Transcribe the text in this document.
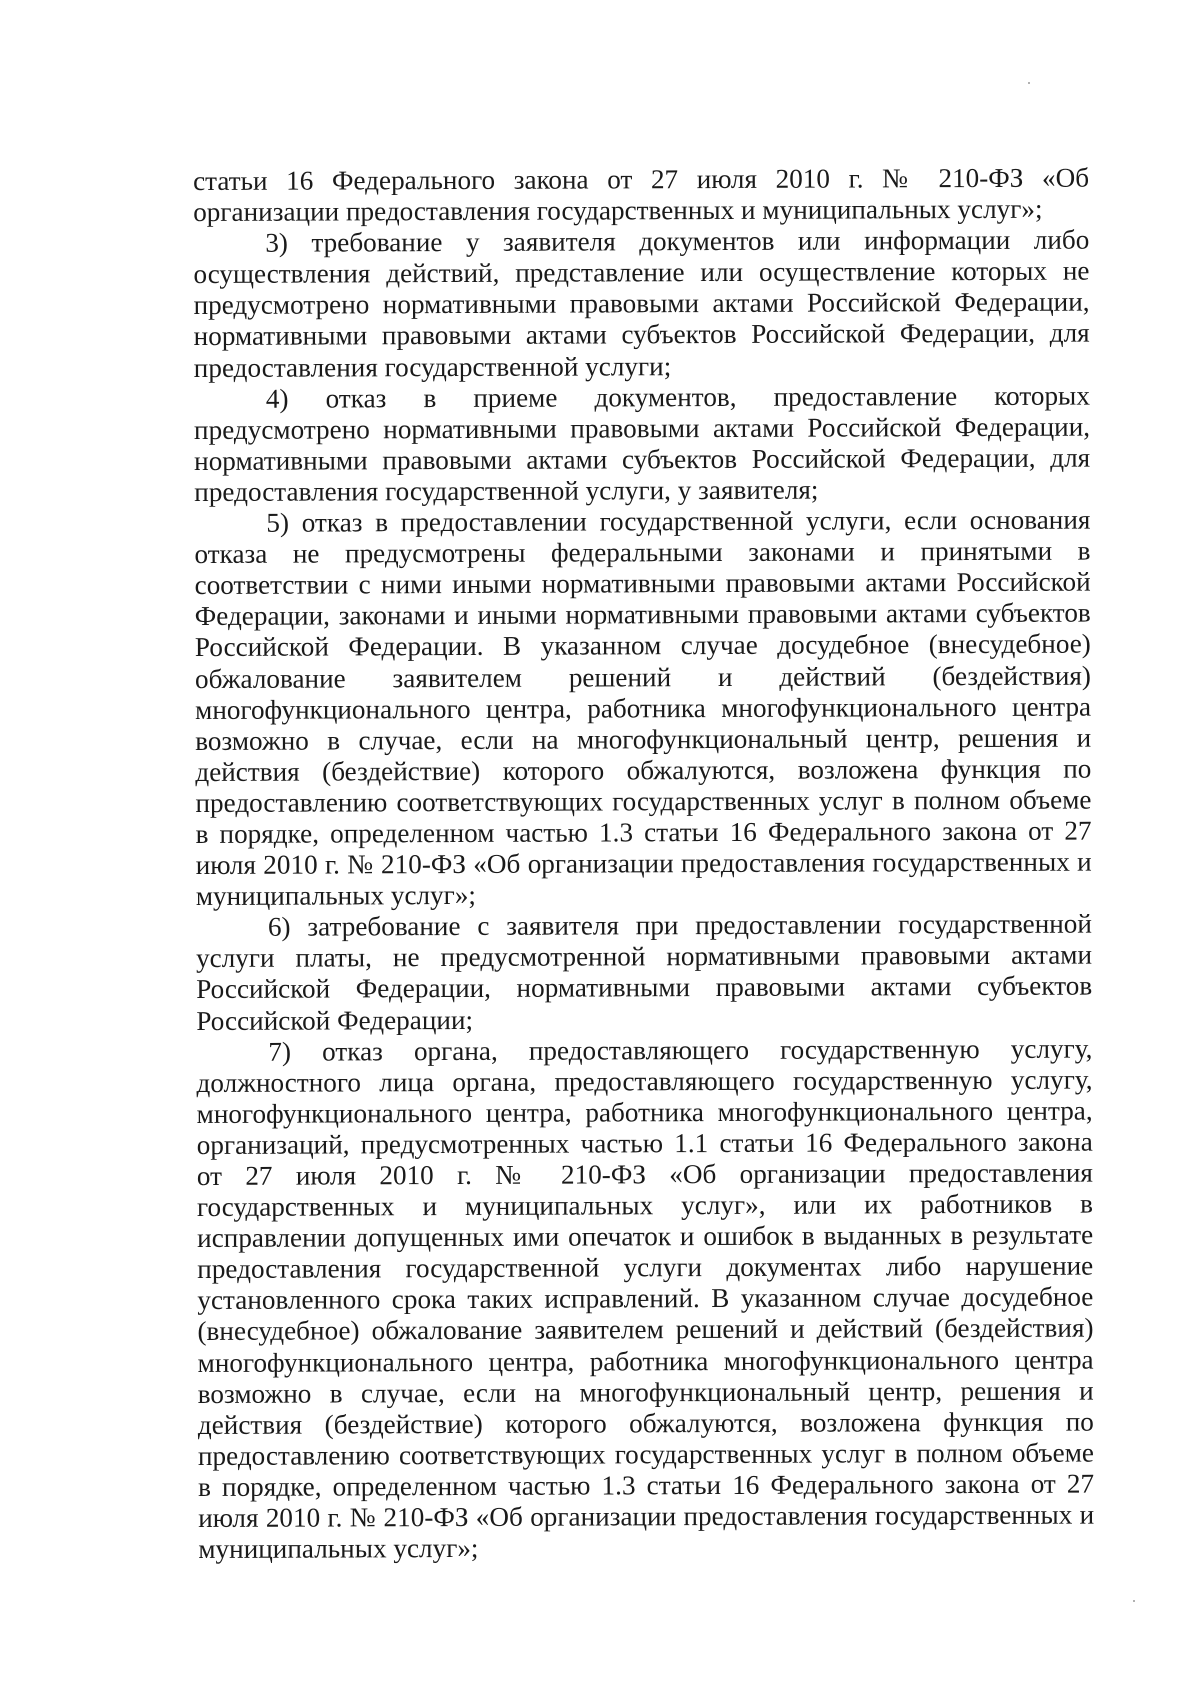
статьи 16 Федерального закона от 27 июля 2010 г. № 210-ФЗ «Об организации предоставления государственных и муниципальных услуг»;

3) требование у заявителя документов или информации либо осуществления действий, представление или осуществление которых не предусмотрено нормативными правовыми актами Российской Федерации, нормативными правовыми актами субъектов Российской Федерации, для предоставления государственной услуги;

4) отказ в приеме документов, предоставление которых предусмотрено нормативными правовыми актами Российской Федерации, нормативными правовыми актами субъектов Российской Федерации, для предоставления государственной услуги, у заявителя;

5) отказ в предоставлении государственной услуги, если основания отказа не предусмотрены федеральными законами и принятыми в соответствии с ними иными нормативными правовыми актами Российской Федерации, законами и иными нормативными правовыми актами субъектов Российской Федерации. В указанном случае досудебное (внесудебное) обжалование заявителем решений и действий (бездействия) многофункционального центра, работника многофункционального центра возможно в случае, если на многофункциональный центр, решения и действия (бездействие) которого обжалуются, возложена функция по предоставлению соответствующих государственных услуг в полном объеме в порядке, определенном частью 1.3 статьи 16 Федерального закона от 27 июля 2010 г. № 210-ФЗ «Об организации предоставления государственных и муниципальных услуг»;

6) затребование с заявителя при предоставлении государственной услуги платы, не предусмотренной нормативными правовыми актами Российской Федерации, нормативными правовыми актами субъектов Российской Федерации;

7) отказ органа, предоставляющего государственную услугу, должностного лица органа, предоставляющего государственную услугу, многофункционального центра, работника многофункционального центра, организаций, предусмотренных частью 1.1 статьи 16 Федерального закона от 27 июля 2010 г. № 210-ФЗ «Об организации предоставления государственных и муниципальных услуг», или их работников в исправлении допущенных ими опечаток и ошибок в выданных в результате предоставления государственной услуги документах либо нарушение установленного срока таких исправлений. В указанном случае досудебное (внесудебное) обжалование заявителем решений и действий (бездействия) многофункционального центра, работника многофункционального центра возможно в случае, если на многофункциональный центр, решения и действия (бездействие) которого обжалуются, возложена функция по предоставлению соответствующих государственных услуг в полном объеме в порядке, определенном частью 1.3 статьи 16 Федерального закона от 27 июля 2010 г. № 210-ФЗ «Об организации предоставления государственных и муниципальных услуг»;
